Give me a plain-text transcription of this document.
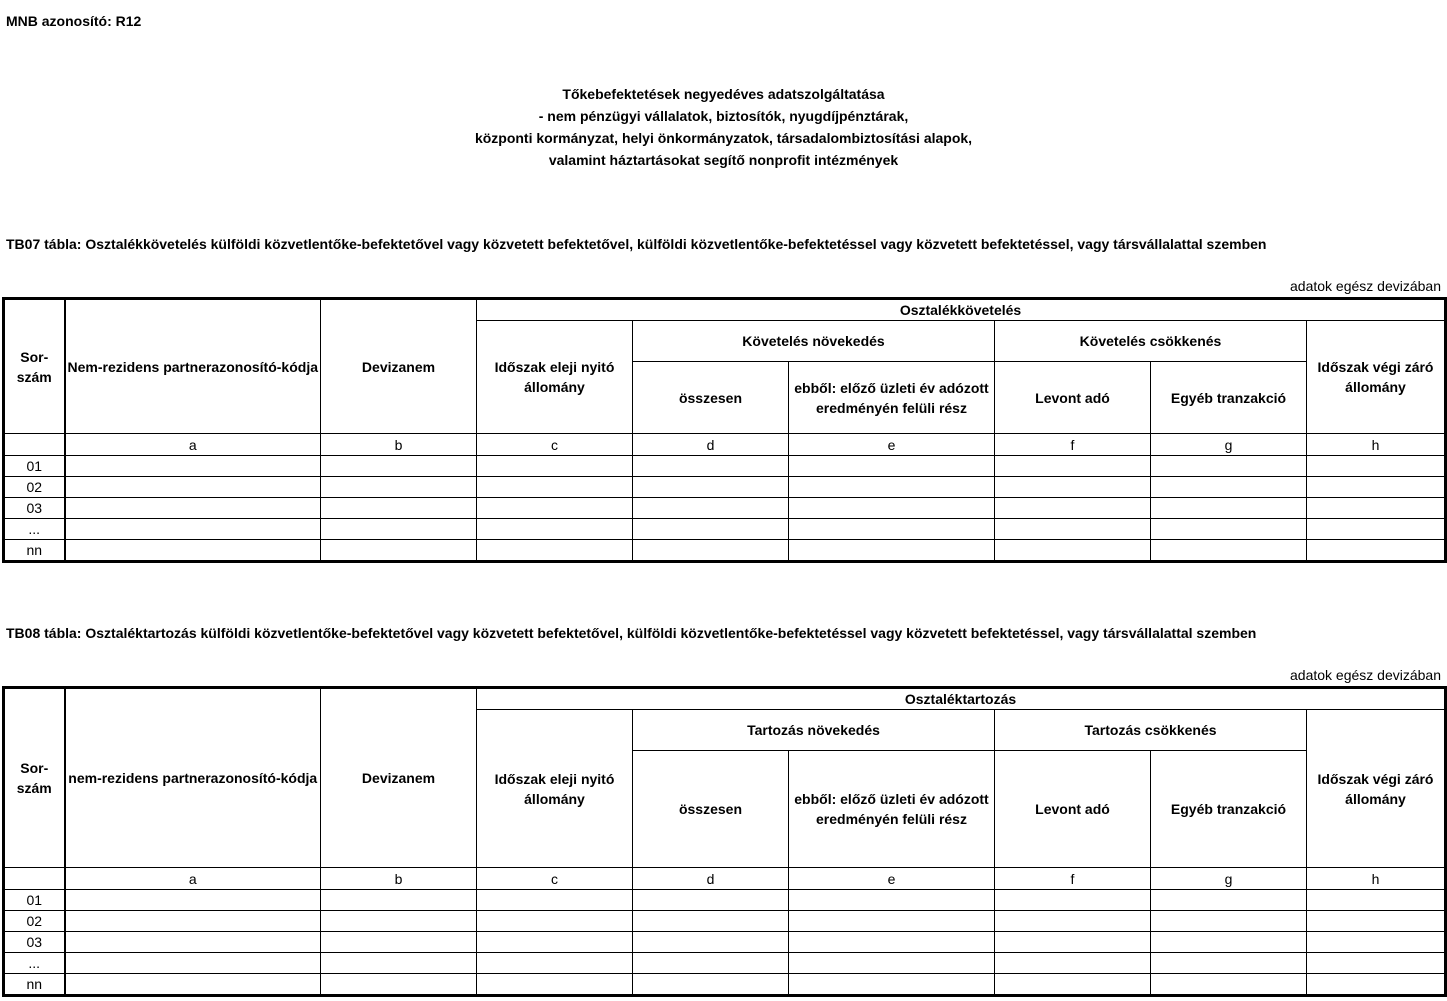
MNB azonosító: R12
Tőkebefektetések negyedéves adatszolgáltatása
- nem pénzügyi vállalatok, biztosítók, nyugdíjpénztárak,
központi kormányzat, helyi önkormányzatok, társadalombiztosítási alapok,
valamint háztartásokat segítő nonprofit intézmények
TB07 tábla: Osztalékkövetelés külföldi közvetlentőke-befektetővel vagy közvetett befektetővel, külföldi közvetlentőke-befektetéssel vagy közvetett befektetéssel, vagy társvállalattal szemben
adatok egész devizában
Sor-szám	Nem-rezidens partnerazonosító-kódja	Devizanem	Osztalékkövetelés					
			Időszak eleji nyitó állomány	Követelés növekedés		Követelés csökkenés		Időszak végi záró állomány
				összesen	ebből: előző üzleti év adózott eredményén felüli rész	Levont adó	Egyéb tranzakció	

	a	b	c	d	e	f	g	h
01								
02								
03								
...								
nn								
TB08 tábla: Osztaléktartozás külföldi közvetlentőke-befektetővel vagy közvetett befektetővel, külföldi közvetlentőke-befektetéssel vagy közvetett befektetéssel, vagy társvállalattal szemben
adatok egész devizában
Sor-szám	nem-rezidens partnerazonosító-kódja	Devizanem	Osztaléktartozás					
			Időszak eleji nyitó állomány	Tartozás növekedés		Tartozás csökkenés		Időszak végi záró állomány
				összesen	ebből: előző üzleti év adózott eredményén felüli rész	Levont adó	Egyéb tranzakció	

	a	b	c	d	e	f	g	h
01								
02								
03								
...								
nn								
